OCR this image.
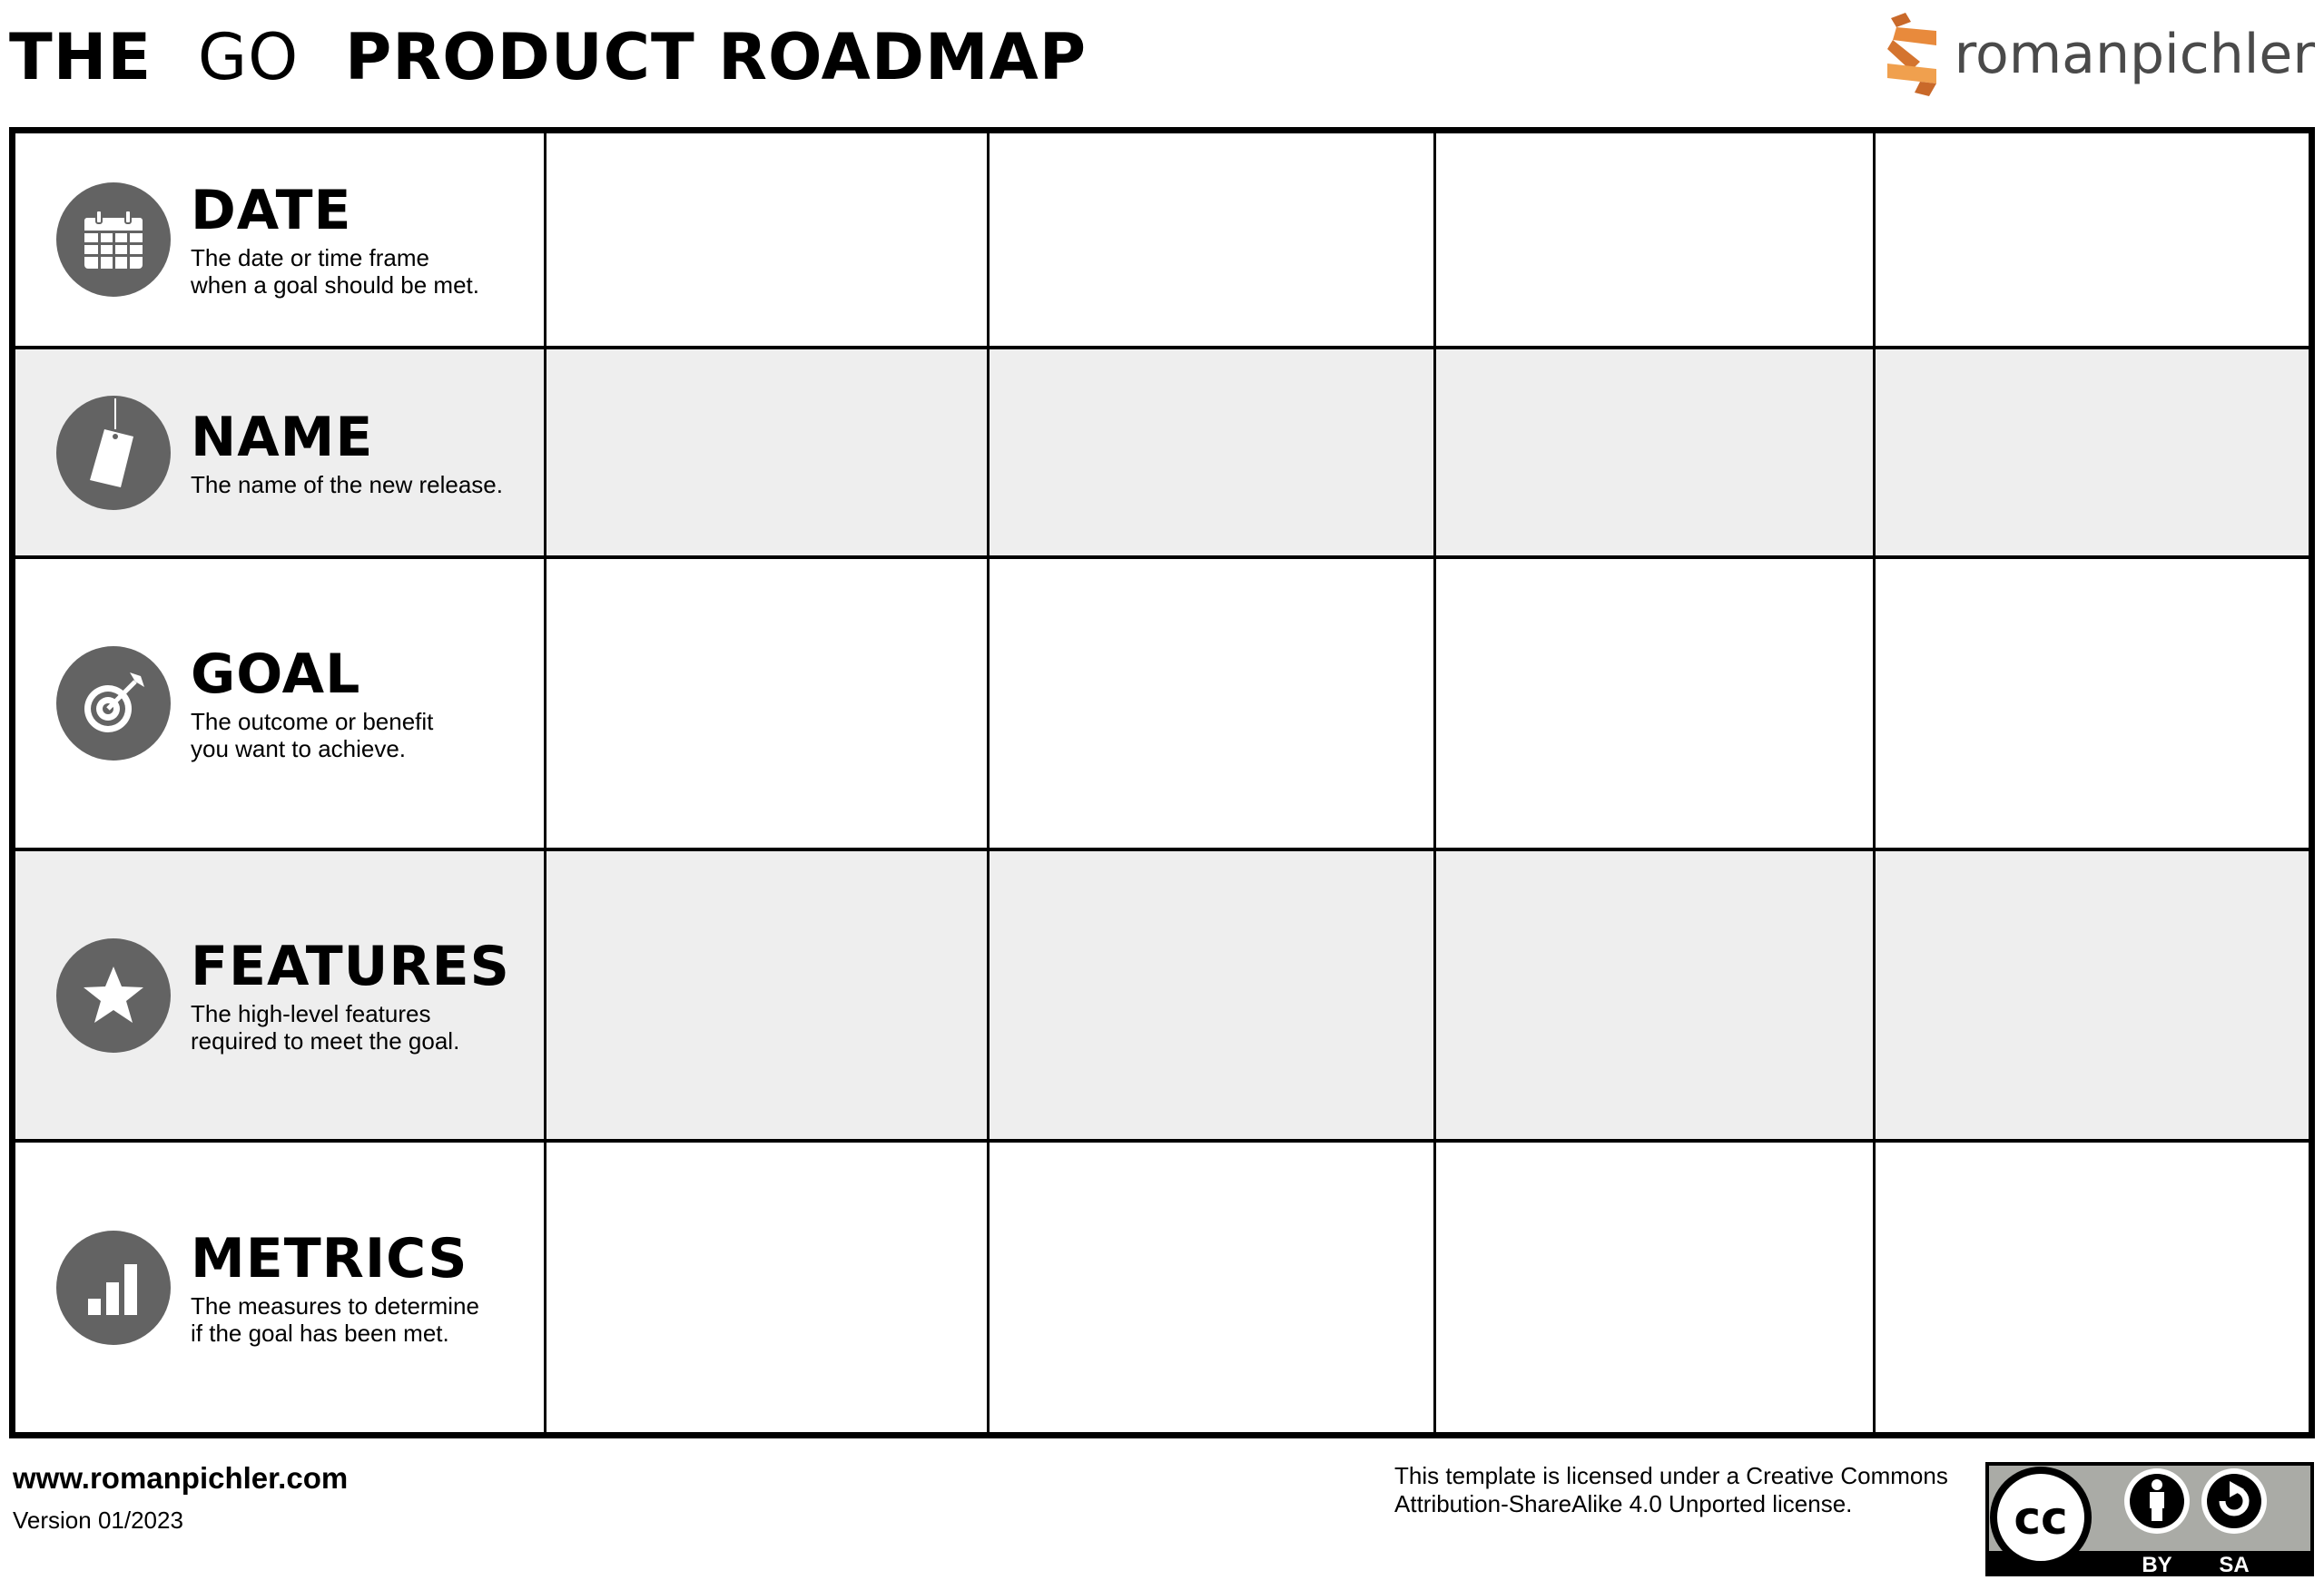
THE GO PRODUCT ROADMAP	romanpichler
DATE
The date or time frame
when a goal should be met.
NAME
The name of the new release.
GOAL
The outcome or benefit
you want to achieve.
FEATURES
The high-level features
required to meet the goal.
METRICS
The measures to determine
if the goal has been met.
www.romanpichler.com
Version 01/2023
This template is licensed under a Creative Commons
Attribution-ShareAlike 4.0 Unported license.	cc
BY SA
